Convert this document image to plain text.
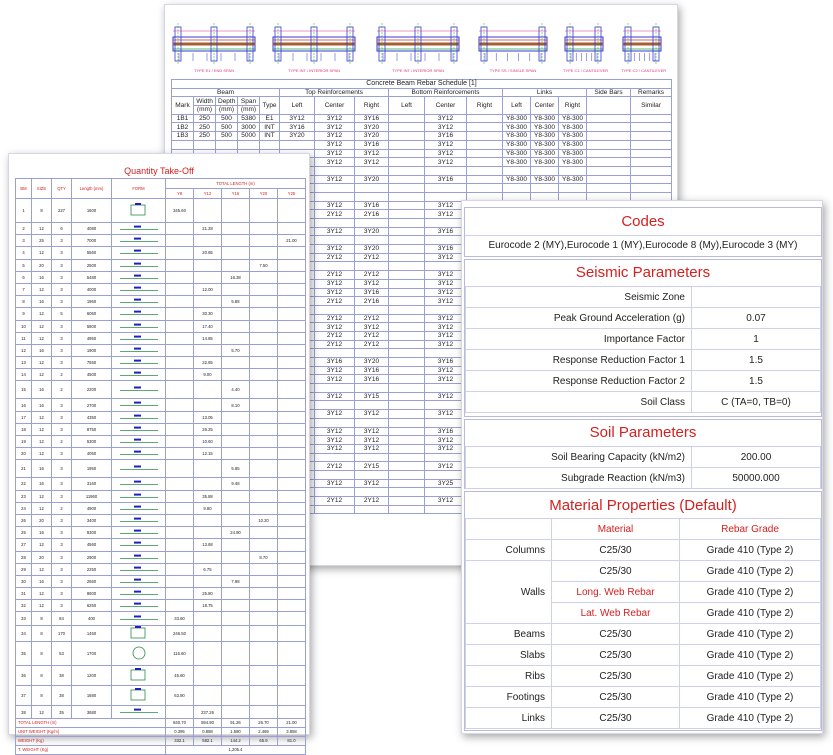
TYPE E1 / END SPAN	TYPE INT / INTERIOR SPAN	TYPE INT / INTERIOR SPAN	TYPE SS / SINGLE SPAN	TYPE C1 / CANTILEVER	TYPE C2 / CANTILEVER
Concrete Beam Rebar Schedule [1]															
Beam					Top Reinforcements			Bottom Reinforcements			Links			Side Bars	Remarks
Mark	Width	Depth	Span	Type	Left	Center	Right	Left	Center	Right	Left	Center	Right		Similar
	(mm)	(mm)	(mm)												
1B1	250	500	5380	E1	3Y12	3Y12	3Y16		3Y12		Y8-300	Y8-300	Y8-300		
1B2	250	500	3000	INT	3Y16	3Y12	3Y20		3Y12		Y8-300	Y8-300	Y8-300		
1B3	250	500	5000	INT	3Y20	3Y12	3Y20		3Y16		Y8-300	Y8-300	Y8-300		
						3Y12	3Y16		3Y12		Y8-300	Y8-300	Y8-300		
						3Y12	3Y12		3Y12		Y8-300	Y8-300	Y8-300		
						3Y12	3Y12		3Y12		Y8-300	Y8-300	Y8-300		

						3Y12	3Y20		3Y16		Y8-300	Y8-300	Y8-300		

						3Y12	3Y16		3Y12						
						2Y12	2Y16		3Y12						

						3Y12	3Y20		3Y16						

						3Y12	3Y20		3Y16						
						2Y12	2Y12		3Y12						

						2Y12	2Y12		3Y12						
						3Y12	3Y12		3Y12						
						3Y12	3Y16		3Y12						
						2Y12	2Y16		3Y12						

						2Y12	2Y12		3Y12						
						3Y12	3Y12		3Y12						
						2Y12	2Y12		3Y12						
						2Y12	2Y12		3Y12						

						3Y16	3Y20		3Y16						
						3Y12	3Y16		3Y12						
						3Y12	3Y16		3Y12						

						3Y12	3Y15		3Y12						

						3Y12	3Y12		3Y12						

						3Y12	3Y12		3Y16						
						3Y12	3Y12		3Y12						
						3Y12	3Y12		3Y12						

						2Y12	2Y15		3Y12						

						3Y12	3Y12		3Y25						

						2Y12	2Y12		3Y12						

Quantity Take-Off
BM	SIZE	QTY	Length (mm)	FORM	TOTAL LENGTH (m)				
					Y8	Y12	Y16	Y20	Y25
1	8	227	1600		345.60				
2	12	6	4080			21.28			
3	25	3	7000						21.00
4	12	3	5560			20.65			
5	20	3	2500					7.50	
6	16	3	5480				16.38		
7	12	3	4000			12.00			
8	16	3	1960				5.88		
9	12	5	6060			30.30			
10	12	3	5800			17.40			
11	12	3	4950			14.85			
12	16	3	1900				5.70		
13	12	3	7550			22.65			
14	12	2	4500			9.00			
15	16	2	2200				4.40		
16	16	3	2700				8.10		
17	12	3	4350			13.05			
18	12	3	8750			26.25			
19	12	2	5300			10.60			
20	12	3	4050			12.15			
21	16	3	1950				5.85		
22	16	3	3160				9.48		
23	12	3	11960			35.88			
24	12	2	4900			9.80			
26	20	3	3400					10.20	
25	16	3	8300				24.90		
27	12	3	4560			13.68			
28	20	3	2900					8.70	
29	12	3	2250			6.75			
30	16	3	2660				7.98		
31	12	3	8600			25.80			
32	12	3	6250			18.75			
33	8	84	400		33.60				
34	8	170	1450		246.50				
35	8	53	1700		116.60				
36	8	38	1200		45.60				
37	8	38	1680		63.90				
38	12	35	3680			237.26			
TOTAL LENGTH (m)					840.70	594.90	91.26	26.70	21.00
UNIT WEIGHT (Kg/m)					0.395	0.888	1.580	2.469	3.858
WEIGHT (Kg)					332.1	582.1	144.2	65.9	81.0
T. WEIGHT (Kg)					1,205.4				
Codes
Eurocode 2 (MY),Eurocode 1 (MY),Eurocode 8 (My),Eurocode 3 (MY)
Seismic Parameters
Seismic Zone	
Peak Ground Acceleration (g)	0.07
Importance Factor	1
Response Reduction Factor 1	1.5
Response Reduction Factor 2	1.5
Soil Class	C (TA=0, TB=0)
Soil Parameters
Soil Bearing Capacity (kN/m2)	200.00
Subgrade Reaction (kN/m3)	50000.000
Material Properties (Default)
	Material	Rebar Grade
Columns	C25/30	Grade 410 (Type 2)
Walls	C25/30	Grade 410 (Type 2)
	Long. Web Rebar	Grade 410 (Type 2)
	Lat. Web Rebar	Grade 410 (Type 2)
Beams	C25/30	Grade 410 (Type 2)
Slabs	C25/30	Grade 410 (Type 2)
Ribs	C25/30	Grade 410 (Type 2)
Footings	C25/30	Grade 410 (Type 2)
Links	C25/30	Grade 410 (Type 2)
